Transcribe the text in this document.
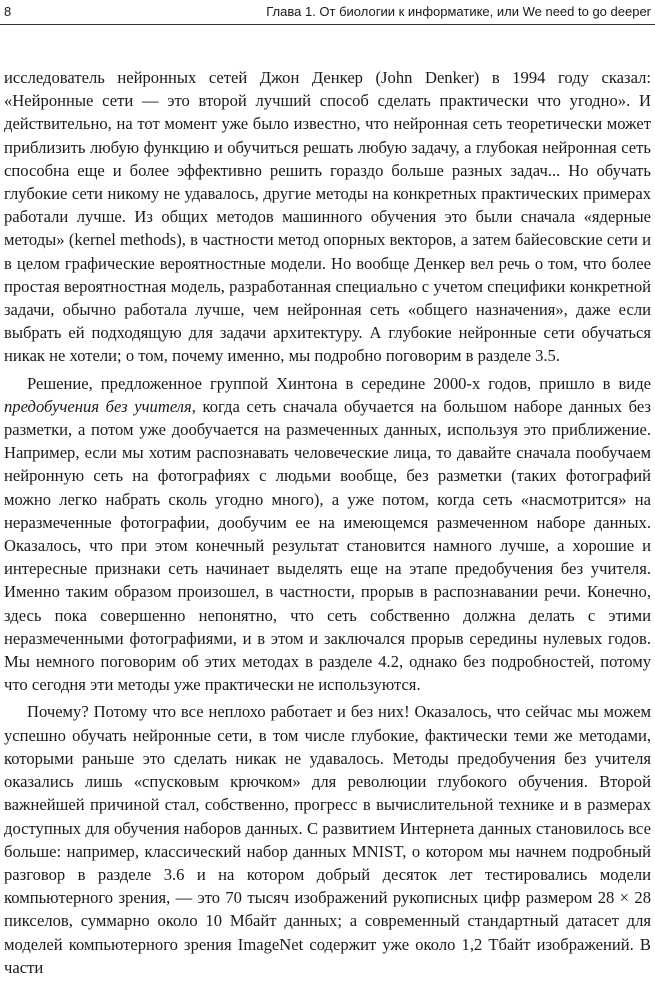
8	Глава 1. От биологии к информатике, или We need to go deeper

исследователь нейронных сетей Джон Денкер (John Denker) в 1994 году сказал: «Нейронные сети — это второй лучший способ сделать практически что угодно». И действительно, на тот момент уже было известно, что нейронная сеть теоретически может приблизить любую функцию и обучиться решать любую задачу, а глубокая нейронная сеть способна еще и более эффективно решить гораздо больше разных задач... Но обучать глубокие сети никому не удавалось, другие методы на конкретных практических примерах работали лучше. Из общих методов машинного обучения это были сначала «ядерные методы» (kernel methods), в частности метод опорных векторов, а затем байесовские сети и в целом графические вероятностные модели. Но вообще Денкер вел речь о том, что более простая вероятностная модель, разработанная специально с учетом специфики конкретной задачи, обычно работала лучше, чем нейронная сеть «общего назначения», даже если выбрать ей подходящую для задачи архитектуру. А глубокие нейронные сети обучаться никак не хотели; о том, почему именно, мы подробно поговорим в разделе 3.5.

Решение, предложенное группой Хинтона в середине 2000-х годов, пришло в виде предобучения без учителя, когда сеть сначала обучается на большом наборе данных без разметки, а потом уже дообучается на размеченных данных, используя это приближение. Например, если мы хотим распознавать человеческие лица, то давайте сначала пообучаем нейронную сеть на фотографиях с людьми вообще, без разметки (таких фотографий можно легко набрать сколь угодно много), а уже потом, когда сеть «насмотрится» на неразмеченные фотографии, дообучим ее на имеющемся размеченном наборе данных. Оказалось, что при этом конечный результат становится намного лучше, а хорошие и интересные признаки сеть начинает выделять еще на этапе предобучения без учителя. Именно таким образом произошел, в частности, прорыв в распознавании речи. Конечно, здесь пока совершенно непонятно, что сеть собственно должна делать с этими неразмеченными фотографиями, и в этом и заключался прорыв середины нулевых годов. Мы немного поговорим об этих методах в разделе 4.2, однако без подробностей, потому что сегодня эти методы уже практически не используются.

Почему? Потому что все неплохо работает и без них! Оказалось, что сейчас мы можем успешно обучать нейронные сети, в том числе глубокие, фактически теми же методами, которыми раньше это сделать никак не удавалось. Методы предобучения без учителя оказались лишь «спусковым крючком» для революции глубокого обучения. Второй важнейшей причиной стал, собственно, прогресс в вычислительной технике и в размерах доступных для обучения наборов данных. С развитием Интернета данных становилось все больше: например, классический набор данных MNIST, о котором мы начнем подробный разговор в разделе 3.6 и на котором добрый десяток лет тестировались модели компьютерного зрения, — это 70 тысяч изображений рукописных цифр размером 28 × 28 пикселов, суммарно около 10 Мбайт данных; а современный стандартный датасет для моделей компьютерного зрения ImageNet содержит уже около 1,2 Тбайт изображений. В части
